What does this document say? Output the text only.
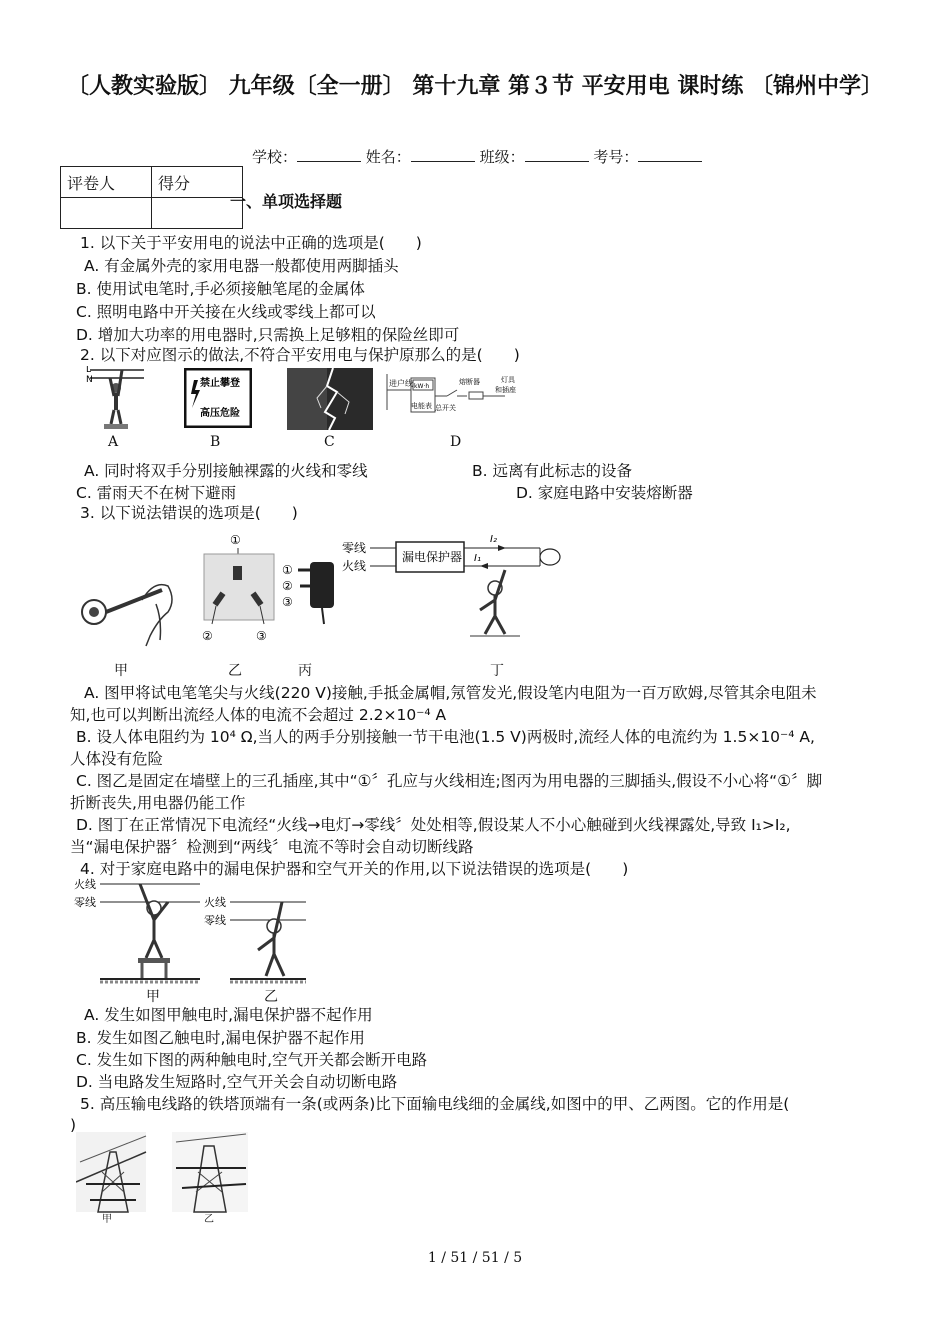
〔人教实验版〕 九年级〔全一册〕 第十九章 第３节 平安用电 课时练 〔锦州中学〕
学校：	姓名：	班级：	考号：
评卷人	得分

一、单项选择题
1. 以下关于平安用电的说法中正确的选项是(　　)
A. 有金属外壳的家用电器一般都使用两脚插头
B. 使用试电笔时,手必须接触笔尾的金属体
C. 照明电路中开关接在火线或零线上都可以
D. 增加大功率的用电器时,只需换上足够粗的保险丝即可
2. 以下对应图示的做法,不符合平安用电与保护原那么的是(　　)
L
N
A
禁止攀登
高压危险
B	C
进户线 kW·h
电能表 总开关
熔断器	灯具
和插座
D
A. 同时将双手分别接触裸露的火线和零线	B. 远离有此标志的设备
C. 雷雨天不在树下避雨	D. 家庭电路中安装熔断器
3. 以下说法错误的选项是(　　)
甲
①
②	③
乙
①
②
③
丙
零线
火线
漏电保护器
I₂
I₁
丁
A. 图甲将试电笔笔尖与火线(220 V)接触,手抵金属帽,氖管发光,假设笔内电阻为一百万欧姆,尽管其余电阻未
知,也可以判断出流经人体的电流不会超过 2.2×10⁻⁴ A
B. 设人体电阻约为 10⁴ Ω,当人的两手分别接触一节干电池(1.5 V)两极时,流经人体的电流约为 1.5×10⁻⁴ A,
人体没有危险
C. 图乙是固定在墙壁上的三孔插座,其中“①〞孔应与火线相连;图丙为用电器的三脚插头,假设不小心将“①〞脚
折断丧失,用电器仍能工作
D. 图丁在正常情况下电流经“火线→电灯→零线〞处处相等,假设某人不小心触碰到火线裸露处,导致 I₁>I₂,
当“漏电保护器〞检测到“两线〞电流不等时会自动切断线路
4. 对于家庭电路中的漏电保护器和空气开关的作用,以下说法错误的选项是(　　)
火线
零线	火线
零线
甲	乙
A. 发生如图甲触电时,漏电保护器不起作用
B. 发生如图乙触电时,漏电保护器不起作用
C. 发生如下图的两种触电时,空气开关都会断开电路
D. 当电路发生短路时,空气开关会自动切断电路
5. 高压输电线路的铁塔顶端有一条(或两条)比下面输电线细的金属线,如图中的甲、乙两图。它的作用是(
)
甲	乙
1 / 51 / 51 / 5
